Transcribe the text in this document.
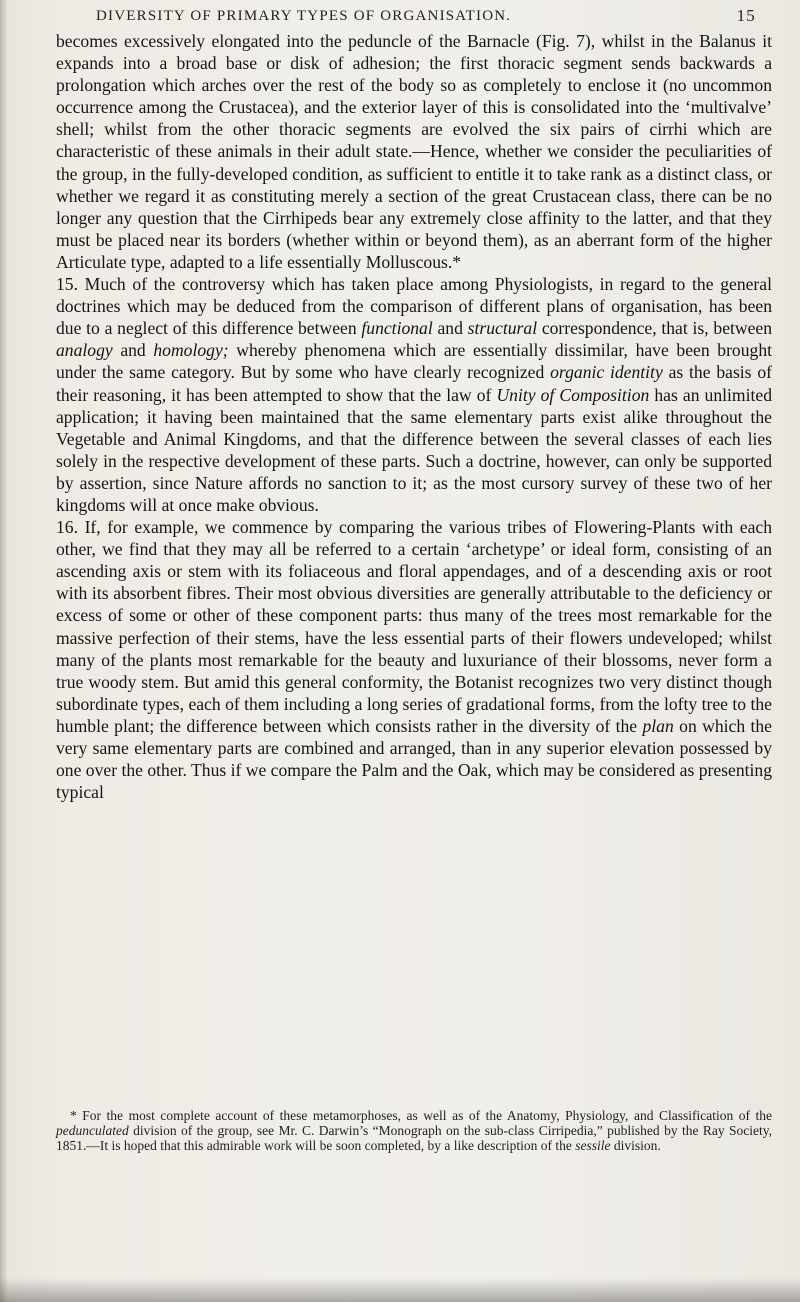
DIVERSITY OF PRIMARY TYPES OF ORGANISATION.	15

becomes excessively elongated into the peduncle of the Barnacle (Fig. 7), whilst in the Balanus it expands into a broad base or disk of adhesion; the first thoracic segment sends backwards a prolongation which arches over the rest of the body so as completely to enclose it (no uncommon occurrence among the Crustacea), and the exterior layer of this is consolidated into the ‘multivalve’ shell; whilst from the other thoracic segments are evolved the six pairs of cirrhi which are characteristic of these animals in their adult state.—Hence, whether we consider the peculiarities of the group, in the fully-developed condition, as sufficient to entitle it to take rank as a distinct class, or whether we regard it as constituting merely a section of the great Crustacean class, there can be no longer any question that the Cirrhipeds bear any extremely close affinity to the latter, and that they must be placed near its borders (whether within or beyond them), as an aberrant form of the higher Articulate type, adapted to a life essentially Molluscous.*

15. Much of the controversy which has taken place among Physiologists, in regard to the general doctrines which may be deduced from the comparison of different plans of organisation, has been due to a neglect of this difference between functional and structural correspondence, that is, between analogy and homology; whereby phenomena which are essentially dissimilar, have been brought under the same category. But by some who have clearly recognized organic identity as the basis of their reasoning, it has been attempted to show that the law of Unity of Composition has an unlimited application; it having been maintained that the same elementary parts exist alike throughout the Vegetable and Animal Kingdoms, and that the difference between the several classes of each lies solely in the respective development of these parts. Such a doctrine, however, can only be supported by assertion, since Nature affords no sanction to it; as the most cursory survey of these two of her kingdoms will at once make obvious.

16. If, for example, we commence by comparing the various tribes of Flowering-Plants with each other, we find that they may all be referred to a certain ‘archetype’ or ideal form, consisting of an ascending axis or stem with its foliaceous and floral appendages, and of a descending axis or root with its absorbent fibres. Their most obvious diversities are generally attributable to the deficiency or excess of some or other of these component parts: thus many of the trees most remarkable for the massive perfection of their stems, have the less essential parts of their flowers undeveloped; whilst many of the plants most remarkable for the beauty and luxuriance of their blossoms, never form a true woody stem. But amid this general conformity, the Botanist recognizes two very distinct though subordinate types, each of them including a long series of gradational forms, from the lofty tree to the humble plant; the difference between which consists rather in the diversity of the plan on which the very same elementary parts are combined and arranged, than in any superior elevation possessed by one over the other. Thus if we compare the Palm and the Oak, which may be considered as presenting typical

* For the most complete account of these metamorphoses, as well as of the Anatomy, Physiology, and Classification of the pedunculated division of the group, see Mr. C. Darwin’s “Monograph on the sub-class Cirripedia,” published by the Ray Society, 1851.—It is hoped that this admirable work will be soon completed, by a like description of the sessile division.
